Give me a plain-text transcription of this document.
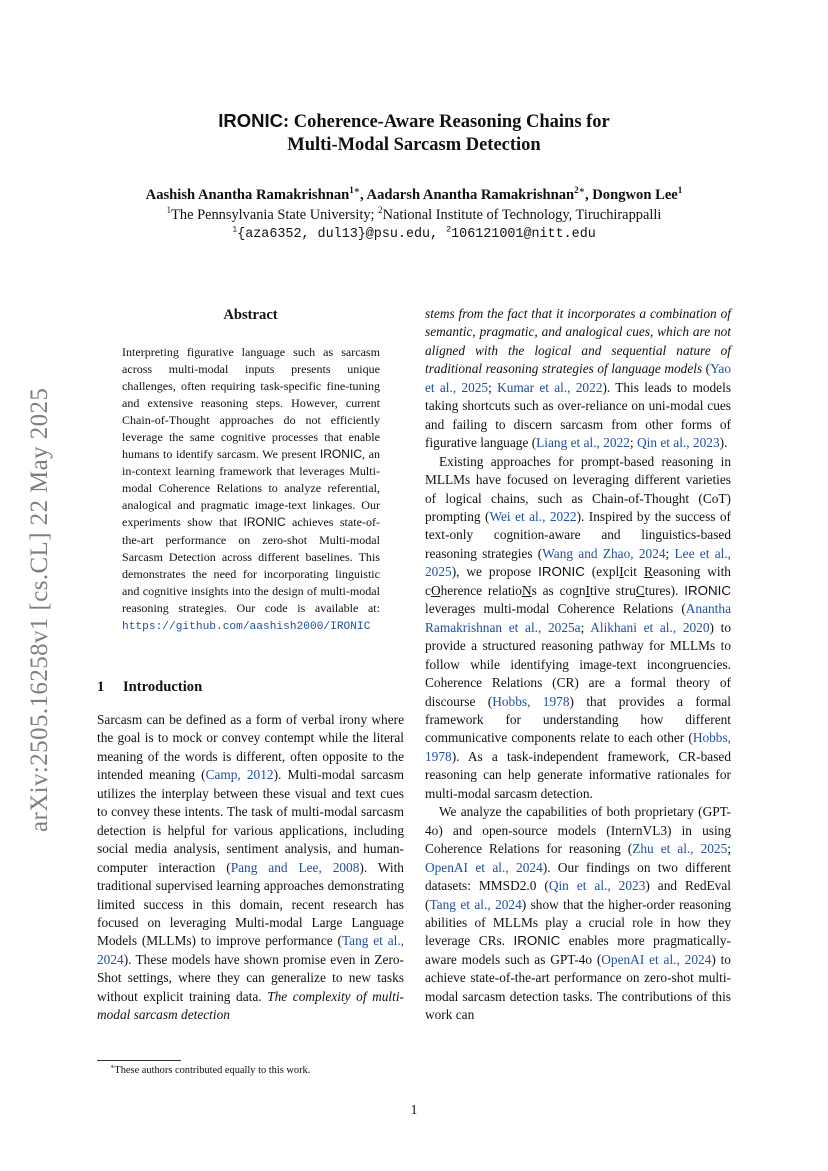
arXiv:2505.16258v1 [cs.CL] 22 May 2025
IRONIC: Coherence-Aware Reasoning Chains for
Multi-Modal Sarcasm Detection
Aashish Anantha Ramakrishnan$^{1∗}$, Aadarsh Anantha Ramakrishnan$^{2∗}$, Dongwon Lee$^1$
$^1$The Pennsylvania State University; $^2$National Institute of Technology, Tiruchirappalli
$^1${aza6352, dul13}@psu.edu, $^2$106121001@nitt.edu
Abstract
Interpreting figurative language such as sarcasm across multi-modal inputs presents unique challenges, often requiring task-specific fine-tuning and extensive reasoning steps. However, current Chain-of-Thought approaches do not efficiently leverage the same cognitive processes that enable humans to identify sarcasm. We present IRONIC, an in-context learning framework that leverages Multi-modal Coherence Relations to analyze referential, analogical and pragmatic image-text linkages. Our experiments show that IRONIC achieves state-of-the-art performance on zero-shot Multi-modal Sarcasm Detection across different baselines. This demonstrates the need for incorporating linguistic and cognitive insights into the design of multi-modal reasoning strategies. Our code is available at: https://github.com/aashish2000/IRONIC
1 Introduction
Sarcasm can be defined as a form of verbal irony where the goal is to mock or convey contempt while the literal meaning of the words is different, often opposite to the intended meaning (Camp, 2012). Multi-modal sarcasm utilizes the interplay between these visual and text cues to convey these intents. The task of multi-modal sarcasm detection is helpful for various applications, including social media analysis, sentiment analysis, and human-computer interaction (Pang and Lee, 2008). With traditional supervised learning approaches demonstrating limited success in this domain, recent research has focused on leveraging Multi-modal Large Language Models (MLLMs) to improve performance (Tang et al., 2024). These models have shown promise even in Zero-Shot settings, where they can generalize to new tasks without explicit training data. The complexity of multi-modal sarcasm detection
∗These authors contributed equally to this work.

stems from the fact that it incorporates a combination of semantic, pragmatic, and analogical cues, which are not aligned with the logical and sequential nature of traditional reasoning strategies of language models (Yao et al., 2025; Kumar et al., 2022). This leads to models taking shortcuts such as over-reliance on uni-modal cues and failing to discern sarcasm from other forms of figurative language (Liang et al., 2022; Qin et al., 2023).

Existing approaches for prompt-based reasoning in MLLMs have focused on leveraging different varieties of logical chains, such as Chain-of-Thought (CoT) prompting (Wei et al., 2022). Inspired by the success of text-only cognition-aware and linguistics-based reasoning strategies (Wang and Zhao, 2024; Lee et al., 2025), we propose IRONIC (explIcit Reasoning with cOherence relatioNs as cognItive struCtures). IRONIC leverages multi-modal Coherence Relations (Anantha Ramakrishnan et al., 2025a; Alikhani et al., 2020) to provide a structured reasoning pathway for MLLMs to follow while identifying image-text incongruencies. Coherence Relations (CR) are a formal theory of discourse (Hobbs, 1978) that provides a formal framework for understanding how different communicative components relate to each other (Hobbs, 1978). As a task-independent framework, CR-based reasoning can help generate informative rationales for multi-modal sarcasm detection.

We analyze the capabilities of both proprietary (GPT-4o) and open-source models (InternVL3) in using Coherence Relations for reasoning (Zhu et al., 2025; OpenAI et al., 2024). Our findings on two different datasets: MMSD2.0 (Qin et al., 2023) and RedEval (Tang et al., 2024) show that the higher-order reasoning abilities of MLLMs play a crucial role in how they leverage CRs. IRONIC enables more pragmatically-aware models such as GPT-4o (OpenAI et al., 2024) to achieve state-of-the-art performance on zero-shot multi-modal sarcasm detection tasks. The contributions of this work can

1
